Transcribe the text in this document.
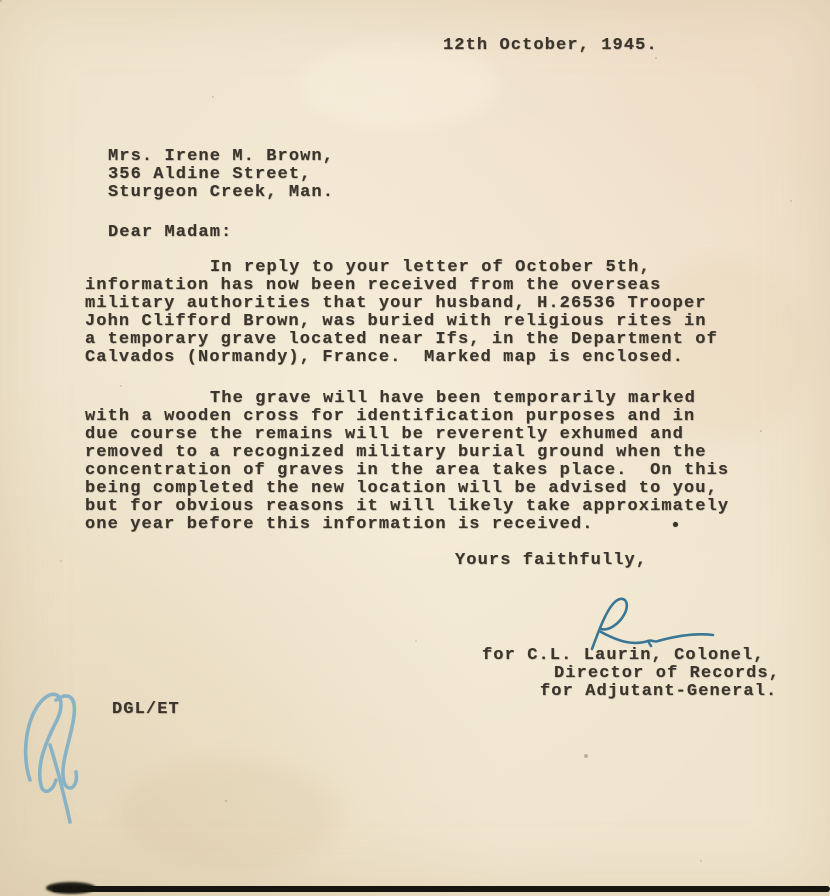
12th October, 1945.
Mrs. Irene M. Brown,
356 Aldine Street,
Sturgeon Creek, Man.
Dear Madam:
In reply to your letter of October 5th,
information has now been received from the overseas
military authorities that your husband, H.26536 Trooper
John Clifford Brown, was buried with religious rites in
a temporary grave located near Ifs, in the Department of
Calvados (Normandy), France.  Marked map is enclosed.
The grave will have been temporarily marked
with a wooden cross for identification purposes and in
due course the remains will be reverently exhumed and
removed to a recognized military burial ground when the
concentration of graves in the area takes place.  On this
being completed the new location will be advised to you,
but for obvious reasons it will likely take approximately
one year before this information is received.
Yours faithfully,
for C.L. Laurin, Colonel,
Director of Records,
for Adjutant-General.
DGL/ET
